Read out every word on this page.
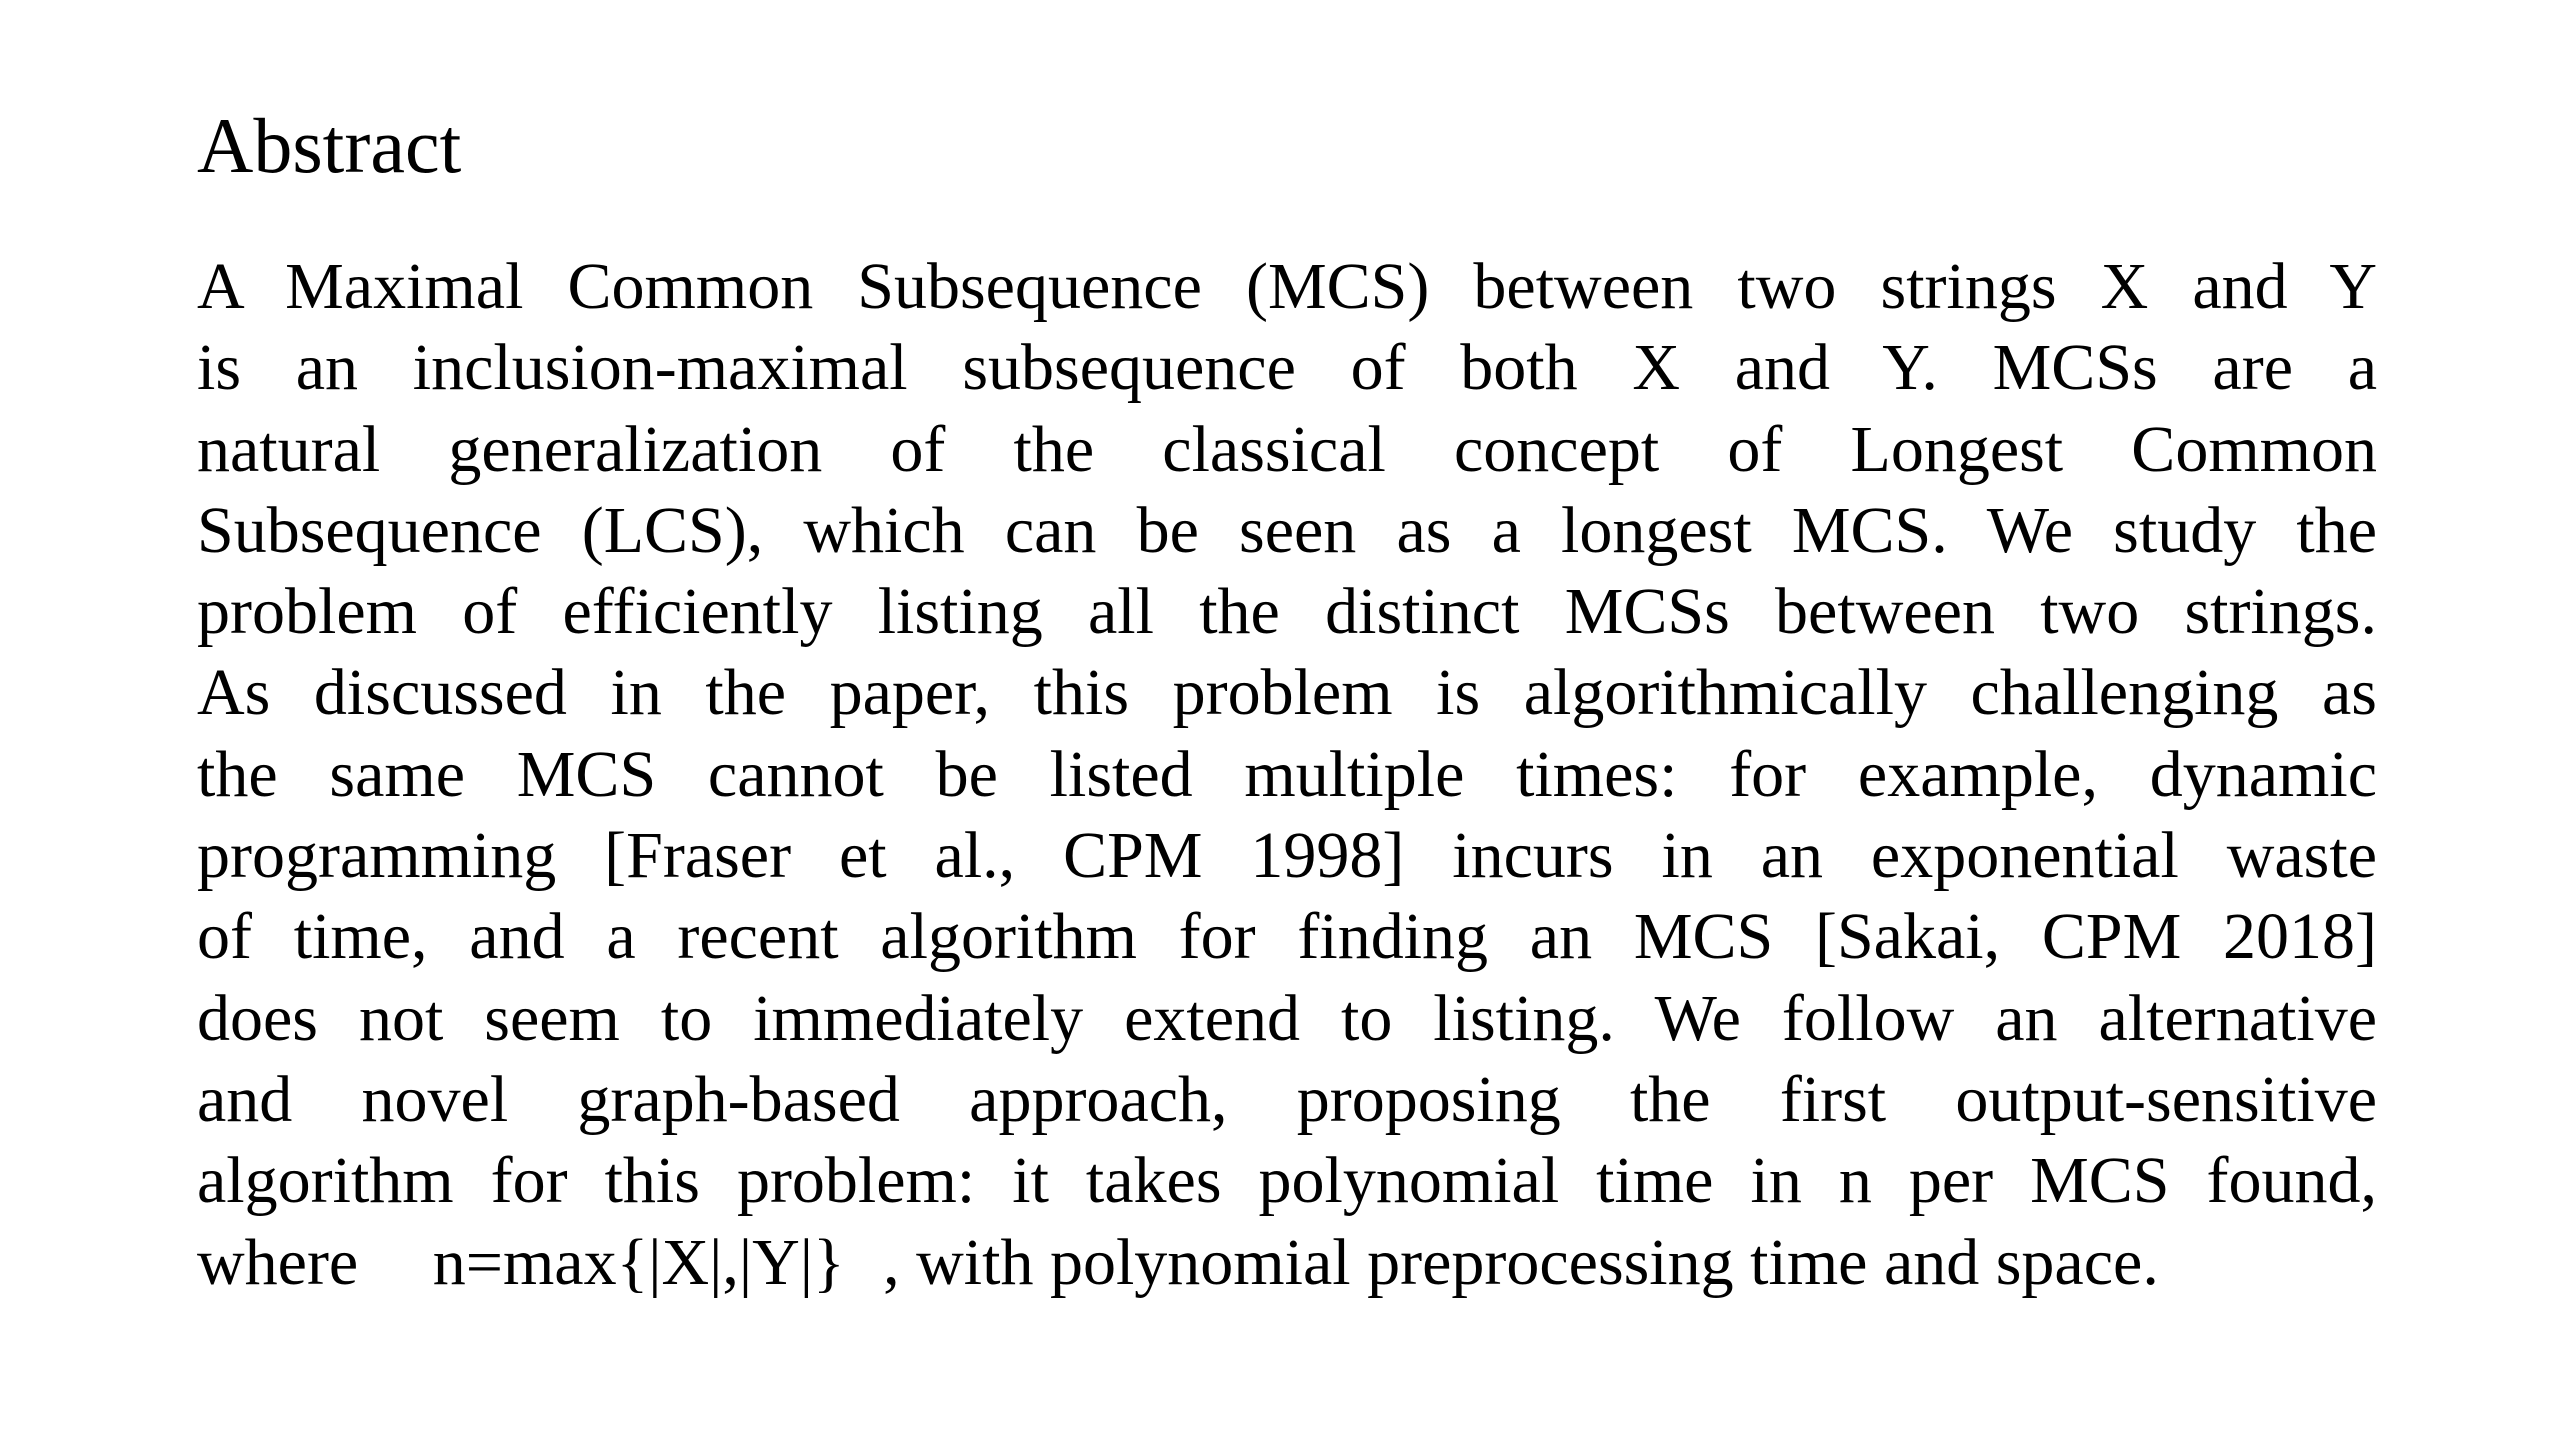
Abstract
A Maximal Common Subsequence (MCS) between two strings X and Y
is an inclusion-maximal subsequence of both X and Y. MCSs are a
natural generalization of the classical concept of Longest Common
Subsequence (LCS), which can be seen as a longest MCS. We study the
problem of efficiently listing all the distinct MCSs between two strings.
As discussed in the paper, this problem is algorithmically challenging as
the same MCS cannot be listed multiple times: for example, dynamic
programming [Fraser et al., CPM 1998] incurs in an exponential waste
of time, and a recent algorithm for finding an MCS [Sakai, CPM 2018]
does not seem to immediately extend to listing. We follow an alternative
and novel graph-based approach, proposing the first output-sensitive
algorithm for this problem: it takes polynomial time in n per MCS found,
where n=max{|X|,|Y|} , with polynomial preprocessing time and space.
